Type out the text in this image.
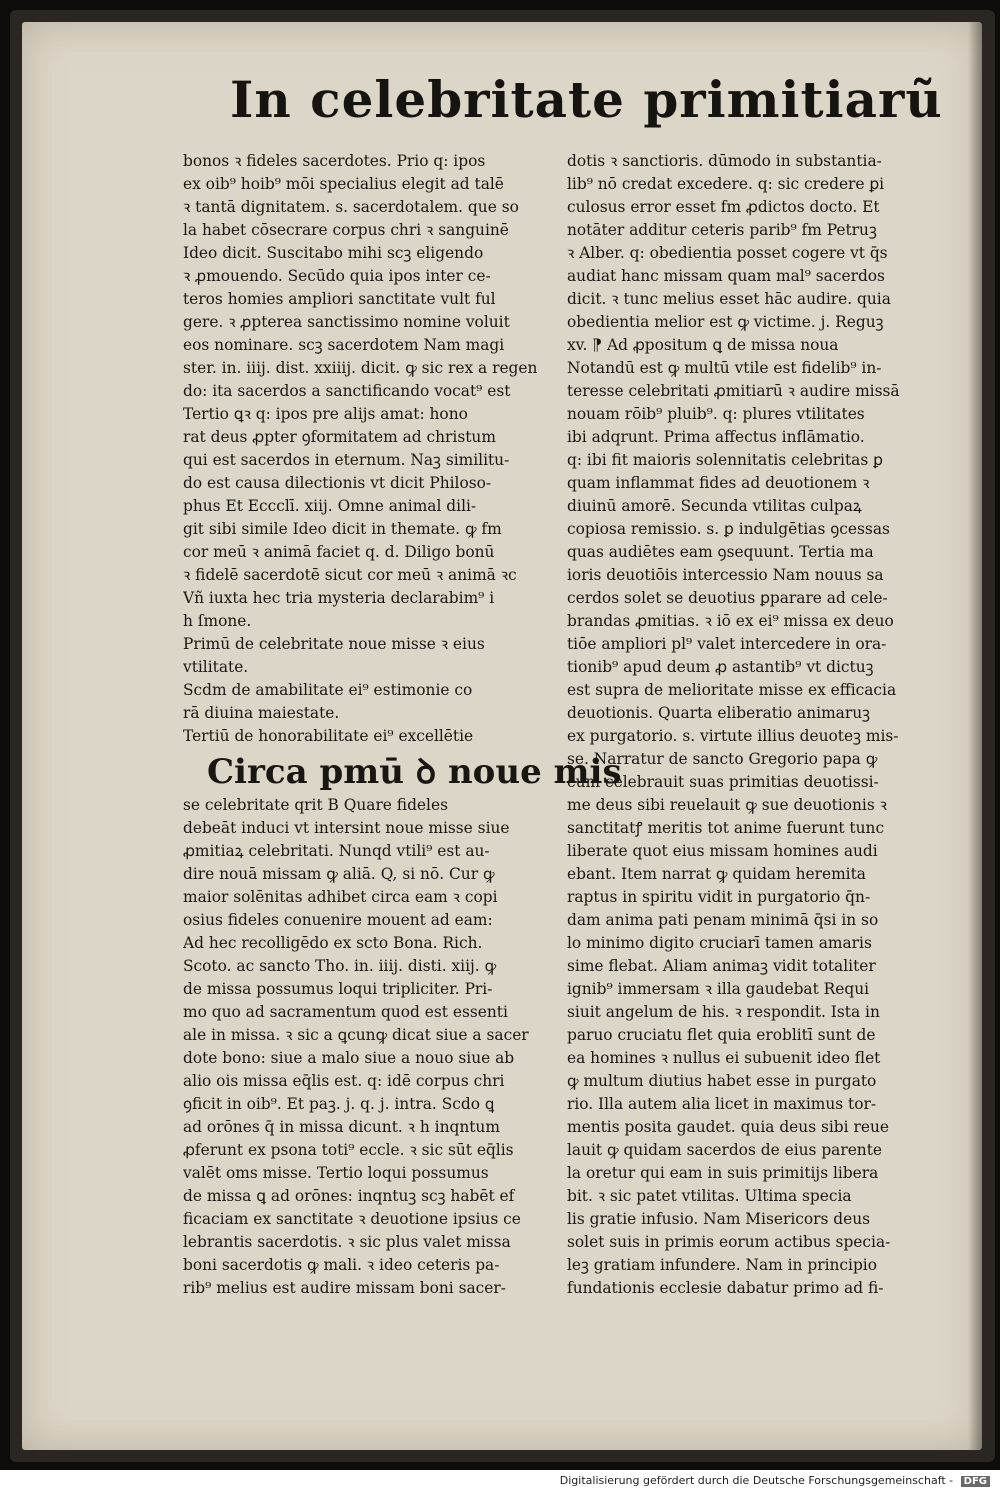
In celebritate primitiarũ
bonos ꝛ fideles sacerdotes. Prio q: ipos
ex oib⁹ hoib⁹ mōi specialius elegit ad talē
ꝛ tantā dignitatem. s. sacerdotalem. que so
la habet cōsecrare corpus chri ꝛ sanguinē
Ideo dicit. Suscitabo mihi scꝫ eligendo
ꝛ ꝓmouendo. Secūdo quia ipos inter ce-
teros homies ampliori sanctitate vult ful
gere. ꝛ ꝓpterea sanctissimo nomine voluit
eos nominare. scꝫ sacerdotem Nam magi
ster. in. iiij. dist. xxiiij. dicit. ꝙ sic rex a regen
do: ita sacerdos a sanctificando vocat⁹ est
Tertio ꝗꝛ q: ipos pre alijs amat: hono
rat deus ꝓpter ꝯformitatem ad christum
qui est sacerdos in eternum. Naꝫ similitu-
do est causa dilectionis vt dicit Philoso-
phus Et Eccclī. xiij. Omne animal dili-
git sibi simile Ideo dicit in themate. ꝙ fm
cor meū ꝛ animā faciet q. d. Diligo bonū
ꝛ fidelē sacerdotē sicut cor meū ꝛ animā ꝛc
Vñ iuxta hec tria mysteria declarabim⁹ i
h ſmone.
Primū de celebritate noue misse ꝛ eius
vtilitate.
Scdm de amabilitate ei⁹ estimonie co
rā diuina maiestate.
Tertiū de honorabilitate ei⁹ excellētie
Circa pmū ꝺ noue mis
se celebritate qrit B Quare fideles
debeāt induci vt intersint noue misse siue
ꝓmitiaꝝ celebritati. Nunqd vtili⁹ est au-
dire nouā missam ꝙ aliā. Q, si nō. Cur ꝙ
maior solēnitas adhibet circa eam ꝛ copi
osius fideles conuenire mouent ad eam:
Ad hec recolligēdo ex scto Bona. Rich.
Scoto. ac sancto Tho. in. iiij. disti. xiij. ꝙ
de missa possumus loqui tripliciter. Pri-
mo quo ad sacramentum quod est essenti
ale in missa. ꝛ sic a ꝗcunꝙ dicat siue a sacer
dote bono: siue a malo siue a nouo siue ab
alio ois missa eq̄lis est. q: idē corpus chri
ꝯficit in oib⁹. Et paꝫ. j. q. j. intra. Scdo ꝗ
ad orōnes q̄ in missa dicunt. ꝛ h inqntum
ꝓferunt ex psona toti⁹ eccle. ꝛ sic sūt eq̄lis
valēt oms misse. Tertio loqui possumus
de missa ꝗ ad orōnes: inqntuꝫ scꝫ habēt ef
ficaciam ex sanctitate ꝛ deuotione ipsius ce
lebrantis sacerdotis. ꝛ sic plus valet missa
boni sacerdotis ꝙ mali. ꝛ ideo ceteris pa-
rib⁹ melius est audire missam boni sacer-
dotis ꝛ sanctioris. dūmodo in substantia-
lib⁹ nō credat excedere. q: sic credere ꝑi
culosus error esset fm ꝓdictos docto. Et
notāter additur ceteris parib⁹ fm Petruꝫ
ꝛ Alber. q: obedientia posset cogere vt q̄s
audiat hanc missam quam mal⁹ sacerdos
dicit. ꝛ tunc melius esset hāc audire. quia
obedientia melior est ꝙ victime. j. Reguꝫ
xv. ⁋ Ad ꝓpositum ꝗ de missa noua
Notandū est ꝙ multū vtile est fidelib⁹ in-
teresse celebritati ꝓmitiarū ꝛ audire missā
nouam rōib⁹ pluib⁹. q: plures vtilitates
ibi adqrunt. Prima affectus inflāmatio.
q: ibi fit maioris solennitatis celebritas ꝑ
quam inflammat fides ad deuotionem ꝛ
diuinū amorē. Secunda vtilitas culpaꝝ
copiosa remissio. s. ꝑ indulgētias ꝯcessas
quas audiētes eam ꝯsequunt. Tertia ma
ioris deuotiōis intercessio Nam nouus sa
cerdos solet se deuotius ꝑparare ad cele-
brandas ꝓmitias. ꝛ iō ex ei⁹ missa ex deuo
tiōe ampliori pl⁹ valet intercedere in ora-
tionib⁹ apud deum ꝓ astantib⁹ vt dictuꝫ
est supra de melioritate misse ex efficacia
deuotionis. Quarta eliberatio animaruꝫ
ex purgatorio. s. virtute illius deuoteꝫ mis-
se. Narratur de sancto Gregorio papa ꝙ
cum celebrauit suas primitias deuotissi-
me deus sibi reuelauit ꝙ sue deuotionis ꝛ
sanctitatꝭ meritis tot anime fuerunt tunc
liberate quot eius missam homines audi
ebant. Item narrat ꝙ quidam heremita
raptus in spiritu vidit in purgatorio q̄n-
dam anima pati penam minimā q̄si in so
lo minimo digito cruciarī tamen amaris
sime flebat. Aliam animaꝫ vidit totaliter
ignib⁹ immersam ꝛ illa gaudebat Requi
siuit angelum de his. ꝛ respondit. Ista in
paruo cruciatu flet quia eroblitī sunt de
ea homines ꝛ nullus ei subuenit ideo flet
ꝙ multum diutius habet esse in purgato
rio. Illa autem alia licet in maximus tor-
mentis posita gaudet. quia deus sibi reue
lauit ꝙ quidam sacerdos de eius parente
la oretur qui eam in suis primitijs libera
bit. ꝛ sic patet vtilitas. Ultima specia
lis gratie infusio. Nam Misericors deus
solet suis in primis eorum actibus specia-
leꝫ gratiam infundere. Nam in principio
fundationis ecclesie dabatur primo ad fi-
Digitalisierung gefördert durch die Deutsche Forschungsgemeinschaft - DFG
